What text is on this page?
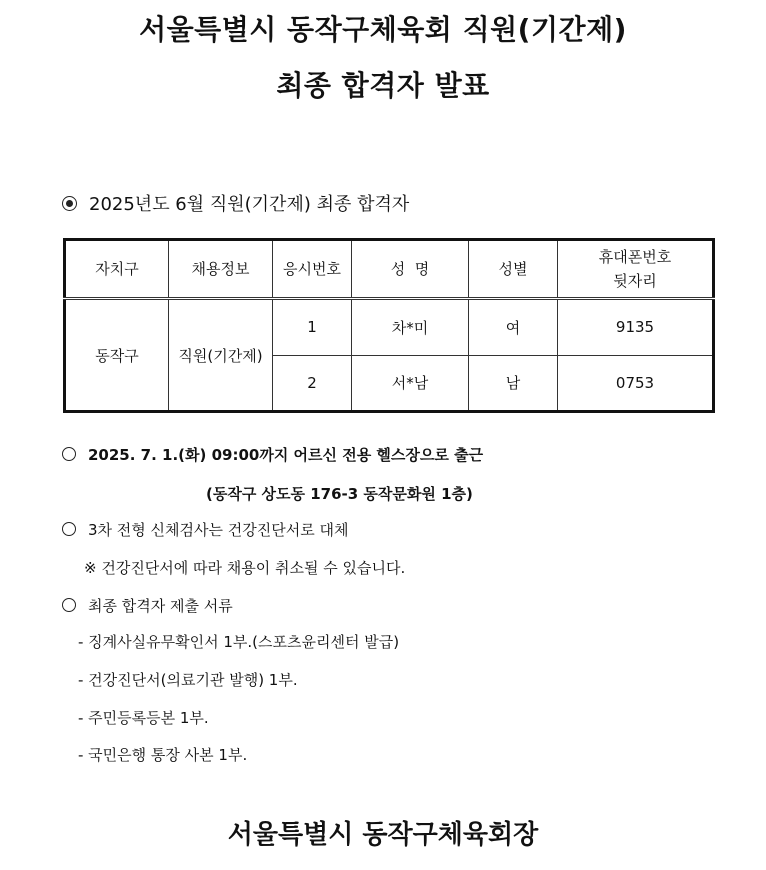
서울특별시 동작구체육회 직원(기간제)
최종 합격자 발표
2025년도 6월 직원(기간제) 최종 합격자
자치구	채용정보	응시번호	성  명	성별	휴대폰번호
뒷자리
동작구	직원(기간제)	1	차*미	여	9135
		2	서*남	남	0753
2025. 7. 1.(화) 09:00까지 어르신 전용 헬스장으로 출근
(동작구 상도동 176-3 동작문화원 1층)
3차 전형 신체검사는 건강진단서로 대체
※ 건강진단서에 따라 채용이 취소될 수 있습니다.
최종 합격자 제출 서류
- 징계사실유무확인서 1부.(스포츠윤리센터 발급)
- 건강진단서(의료기관 발행) 1부.
- 주민등록등본 1부.
- 국민은행 통장 사본 1부.
서울특별시 동작구체육회장
